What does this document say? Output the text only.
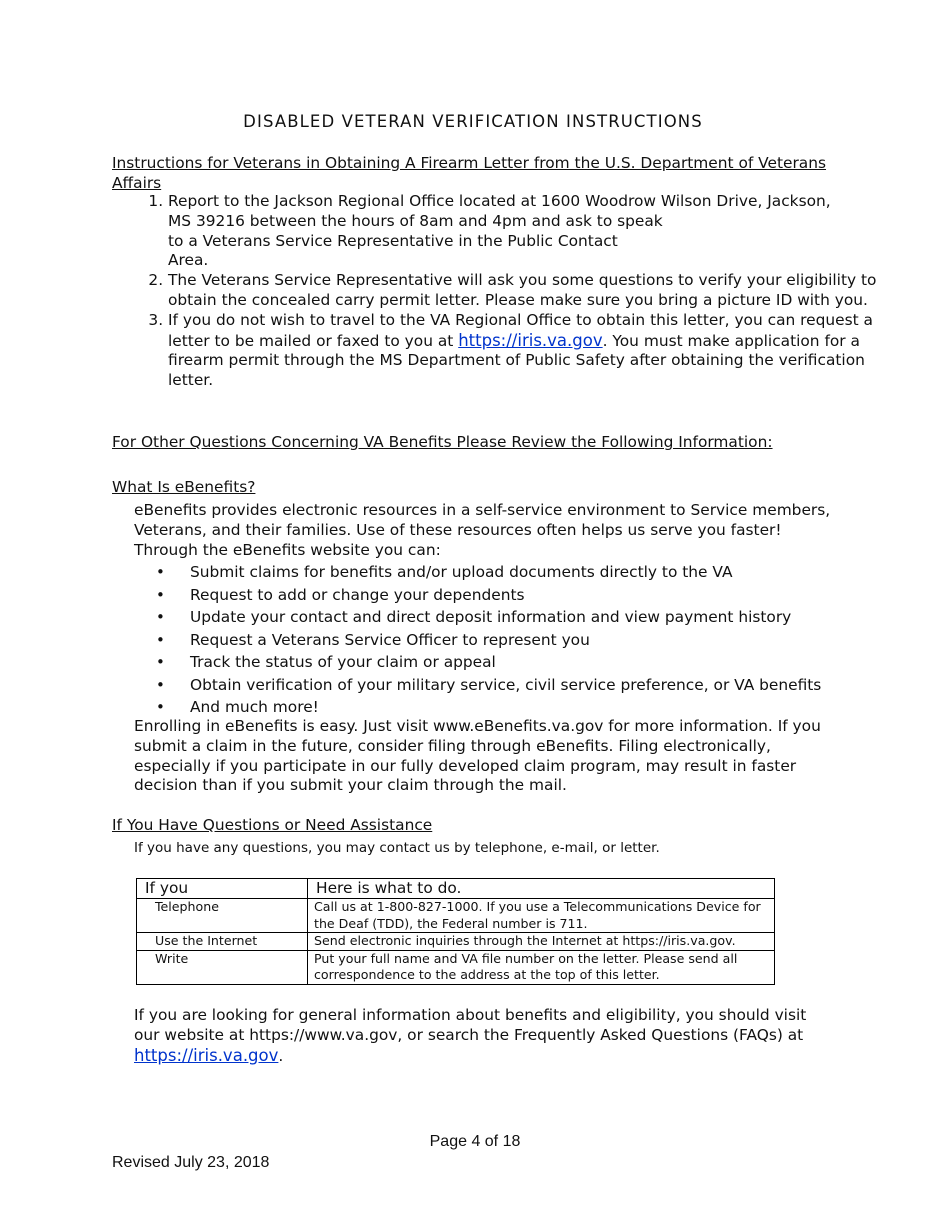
DISABLED VETERAN VERIFICATION INSTRUCTIONS
Instructions for Veterans in Obtaining A Firearm Letter from the U.S. Department of Veterans Affairs
1. Report to the Jackson Regional Office located at 1600 Woodrow Wilson Drive, Jackson,
MS 39216 between the hours of 8am and 4pm and ask to speak
to a Veterans Service Representative in the Public Contact
Area.
2. The Veterans Service Representative will ask you some questions to verify your eligibility to obtain the concealed carry permit letter. Please make sure you bring a picture ID with you.
3. If you do not wish to travel to the VA Regional Office to obtain this letter, you can request a letter to be mailed or faxed to you at https://iris.va.gov. You must make application for a firearm permit through the MS Department of Public Safety after obtaining the verification letter.
For Other Questions Concerning VA Benefits Please Review the Following Information:
What Is eBenefits?
eBenefits provides electronic resources in a self-service environment to Service members, Veterans, and their families. Use of these resources often helps us serve you faster! Through the eBenefits website you can:
• Submit claims for benefits and/or upload documents directly to the VA
• Request to add or change your dependents
• Update your contact and direct deposit information and view payment history
• Request a Veterans Service Officer to represent you
• Track the status of your claim or appeal
• Obtain verification of your military service, civil service preference, or VA benefits
• And much more!
Enrolling in eBenefits is easy. Just visit www.eBenefits.va.gov for more information. If you submit a claim in the future, consider filing through eBenefits. Filing electronically, especially if you participate in our fully developed claim program, may result in faster decision than if you submit your claim through the mail.
If You Have Questions or Need Assistance
If you have any questions, you may contact us by telephone, e-mail, or letter.
If you	Here is what to do.

Telephone	Call us at 1-800-827-1000. If you use a Telecommunications Device for the Deaf (TDD), the Federal number is 711.

Use the Internet	Send electronic inquiries through the Internet at https://iris.va.gov.

Write	Put your full name and VA file number on the letter. Please send all correspondence to the address at the top of this letter.
If you are looking for general information about benefits and eligibility, you should visit our website at https://www.va.gov, or search the Frequently Asked Questions (FAQs) at https://iris.va.gov.
Page 4 of 18
Revised July 23, 2018
